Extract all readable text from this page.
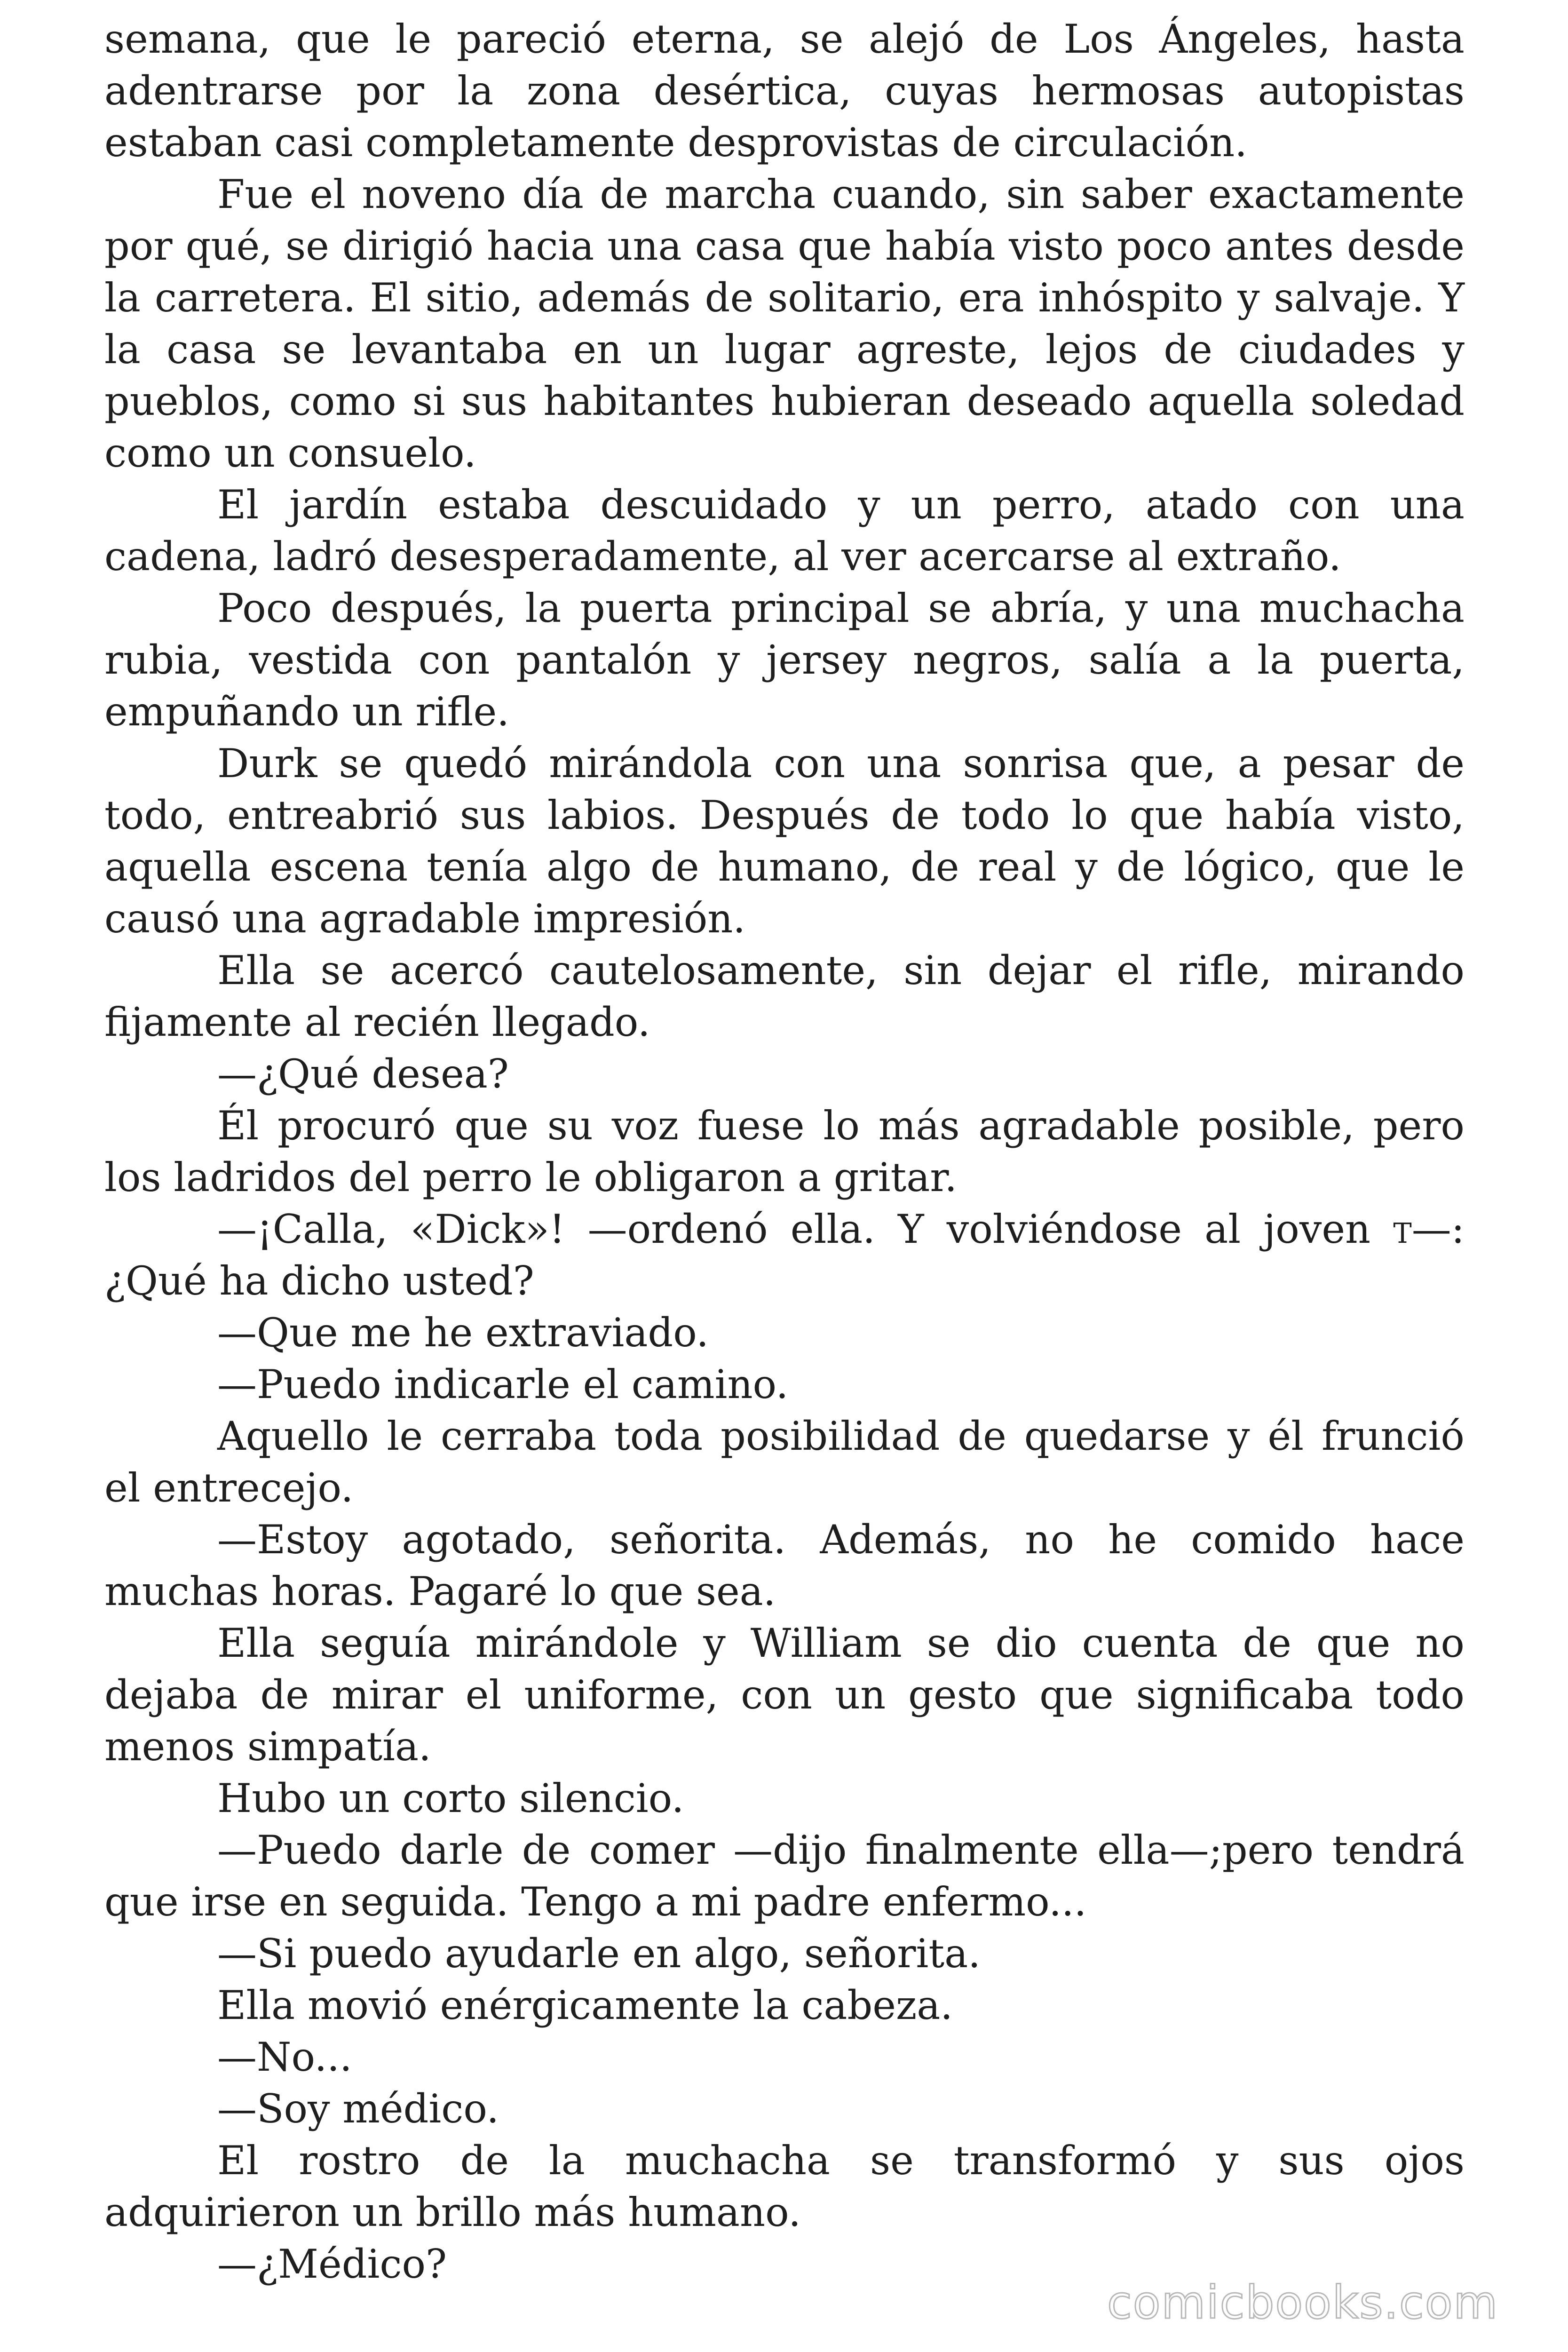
semana, que le pareció eterna, se alejó de Los Ángeles, hasta adentrarse por la zona desértica, cuyas hermosas autopistas estaban casi completamente desprovistas de circulación.

Fue el noveno día de marcha cuando, sin saber exactamente por qué, se dirigió hacia una casa que había visto poco antes desde la carretera. El sitio, además de solitario, era inhóspito y salvaje. Y la casa se levantaba en un lugar agreste, lejos de ciudades y pueblos, como si sus habitantes hubieran deseado aquella soledad como un consuelo.

El jardín estaba descuidado y un perro, atado con una cadena, ladró desesperadamente, al ver acercarse al extraño.

Poco después, la puerta principal se abría, y una muchacha rubia, vestida con pantalón y jersey negros, salía a la puerta, empuñando un rifle.

Durk se quedó mirándola con una sonrisa que, a pesar de todo, entreabrió sus labios. Después de todo lo que había visto, aquella escena tenía algo de humano, de real y de lógico, que le causó una agradable impresión.

Ella se acercó cautelosamente, sin dejar el rifle, mirando fijamente al recién llegado.

—¿Qué desea?

Él procuró que su voz fuese lo más agradable posible, pero los ladridos del perro le obligaron a gritar.

—¡Calla, «Dick»! —ordenó ella. Y volviéndose al joven t—: ¿Qué ha dicho usted?

—Que me he extraviado.

—Puedo indicarle el camino.

Aquello le cerraba toda posibilidad de quedarse y él frunció el entrecejo.

—Estoy agotado, señorita. Además, no he comido hace muchas horas. Pagaré lo que sea.

Ella seguía mirándole y William se dio cuenta de que no dejaba de mirar el uniforme, con un gesto que significaba todo menos simpatía.

Hubo un corto silencio.

—Puedo darle de comer —dijo finalmente ella—;pero tendrá que irse en seguida. Tengo a mi padre enfermo...

—Si puedo ayudarle en algo, señorita.

Ella movió enérgicamente la cabeza.

—No...

—Soy médico.

El rostro de la muchacha se transformó y sus ojos adquirieron un brillo más humano.

—¿Médico?

comicbooks.com
